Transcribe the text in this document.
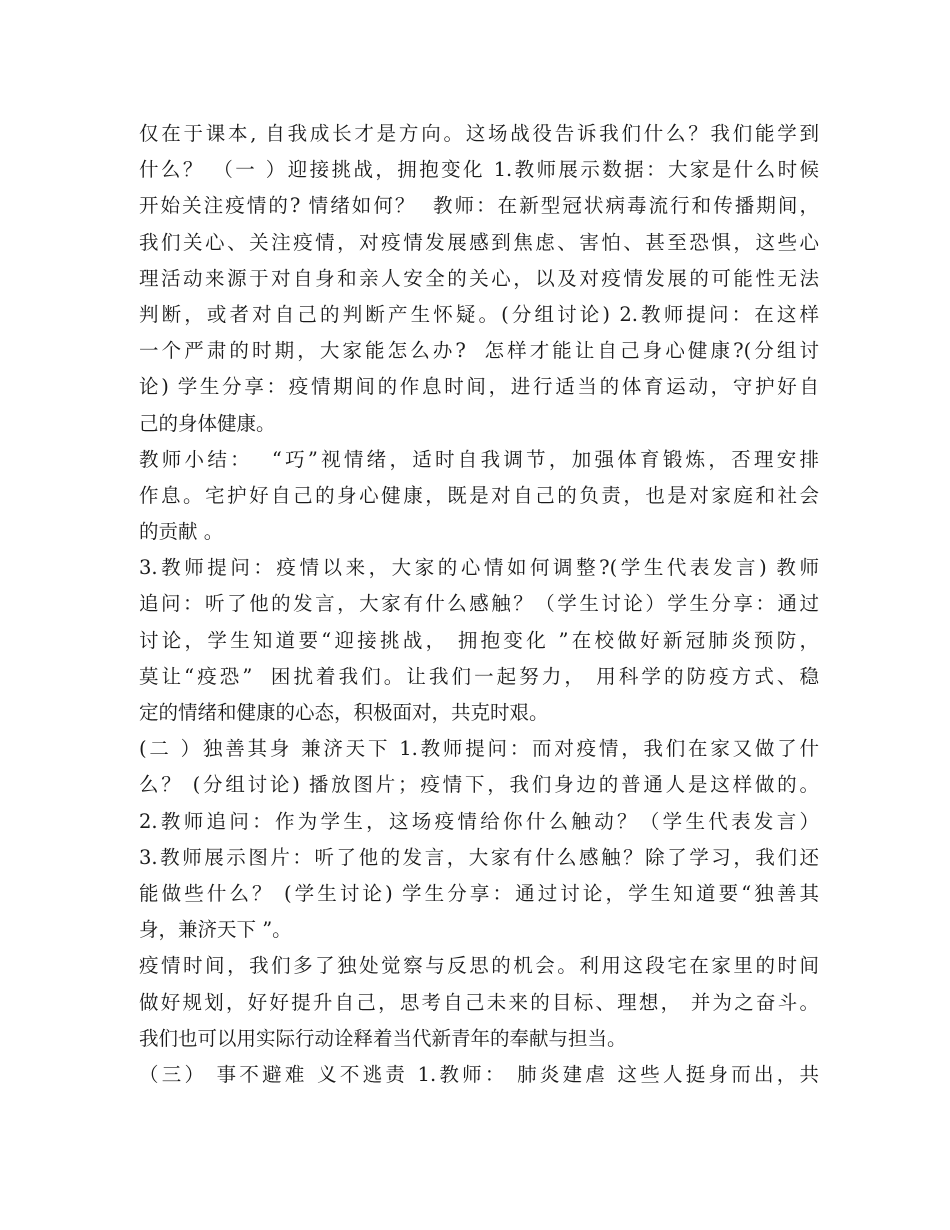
仅在于课本, 自我成长才是方向。这场战役告诉我们什么？我们能学到
什么？ （一 ）迎接挑战，拥抱变化 1.教师展示数据：大家是什么时候
开始关注疫情的? 情绪如何？  教师：在新型冠状病毒流行和传播期间，
我们关心、关注疫情，对疫情发展感到焦虑、害怕、甚至恐惧，这些心
理活动来源于对自身和亲人安全的关心，以及对疫情发展的可能性无法
判断，或者对自己的判断产生怀疑。(分组讨论) 2.教师提问：在这样
一个严肃的时期，大家能怎么办?  怎样才能让自己身心健康?(分组讨
论) 学生分享：疫情期间的作息时间，进行适当的体育运动，守护好自
己的身体健康。
教师小结：  “巧”视情绪，适时自我调节，加强体育锻炼，否理安排
作息。宅护好自己的身心健康，既是对自己的负责，也是对家庭和社会
的贡献 。
3.教师提问：疫情以来，大家的心情如何调整?(学生代表发言) 教师
追问：听了他的发言，大家有什么感触？（学生讨论）学生分享：通过
讨论，学生知道要“迎接挑战， 拥抱变化 ”在校做好新冠肺炎预防，
莫让“疫恐”  困扰着我们。让我们一起努力， 用科学的防疫方式、稳
定的情绪和健康的心态，积极面对，共克时艰。
(二 ）独善其身 兼济天下 1.教师提问：而对疫情，我们在家又做了什
么？ (分组讨论) 播放图片；疫情下，我们身边的普通人是这样做的。
2.教师追问：作为学生，这场疫情给你什么触动？（学生代表发言）
3.教师展示图片：听了他的发言，大家有什么感触？除了学习，我们还
能做些什么？ (学生讨论) 学生分享：通过讨论，学生知道要“独善其
身，兼济天下 ”。
疫情时间，我们多了独处觉察与反思的机会。利用这段宅在家里的时间
做好规划，好好提升自己，思考自己未来的目标、理想， 并为之奋斗。
我们也可以用实际行动诠释着当代新青年的奉献与担当。
（三） 事不避难 义不逃责 1.教师： 肺炎建虐 这些人挺身而出，共
